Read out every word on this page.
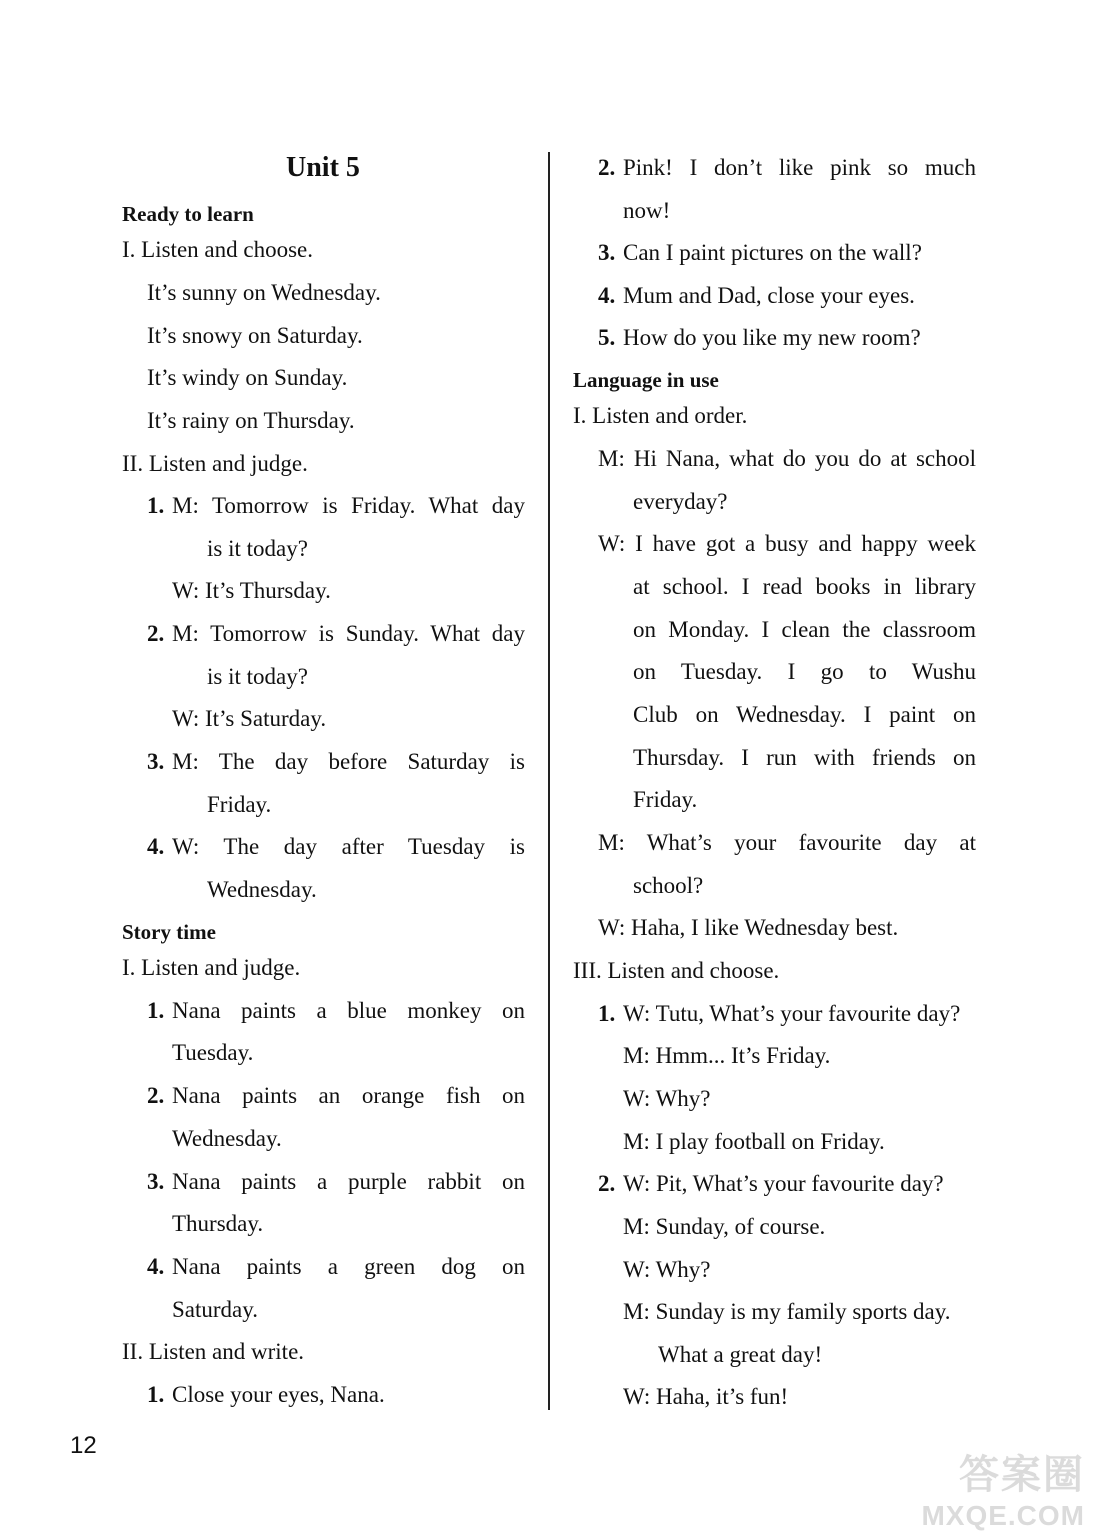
Unit 5
Ready to learn
I. Listen and choose.
It’s sunny on Wednesday.
It’s snowy on Saturday.
It’s windy on Sunday.
It’s rainy on Thursday.
II. Listen and judge.
1. M: Tomorrow is Friday. What day
is it today?
W: It’s Thursday.
2. M: Tomorrow is Sunday. What day
is it today?
W: It’s Saturday.
3. M: The day before Saturday is
Friday.
4. W: The day after Tuesday is
Wednesday.
Story time
I. Listen and judge.
1. Nana paints a blue monkey on
Tuesday.
2. Nana paints an orange fish on
Wednesday.
3. Nana paints a purple rabbit on
Thursday.
4. Nana paints a green dog on
Saturday.
II. Listen and write.
1. Close your eyes, Nana.
2. Pink! I don’t like pink so much
now!
3. Can I paint pictures on the wall?
4. Mum and Dad, close your eyes.
5. How do you like my new room?
Language in use
I. Listen and order.
M: Hi Nana, what do you do at school
everyday?
W: I have got a busy and happy week
at school. I read books in library
on Monday. I clean the classroom
on Tuesday. I go to Wushu
Club on Wednesday. I paint on
Thursday. I run with friends on
Friday.
M: What’s your favourite day at
school?
W: Haha, I like Wednesday best.
III. Listen and choose.
1. W: Tutu, What’s your favourite day?
M: Hmm... It’s Friday.
W: Why?
M: I play football on Friday.
2. W: Pit, What’s your favourite day?
M: Sunday, of course.
W: Why?
M: Sunday is my family sports day.
What a great day!
W: Haha, it’s fun!
12
答案圈
MXQE.COM
